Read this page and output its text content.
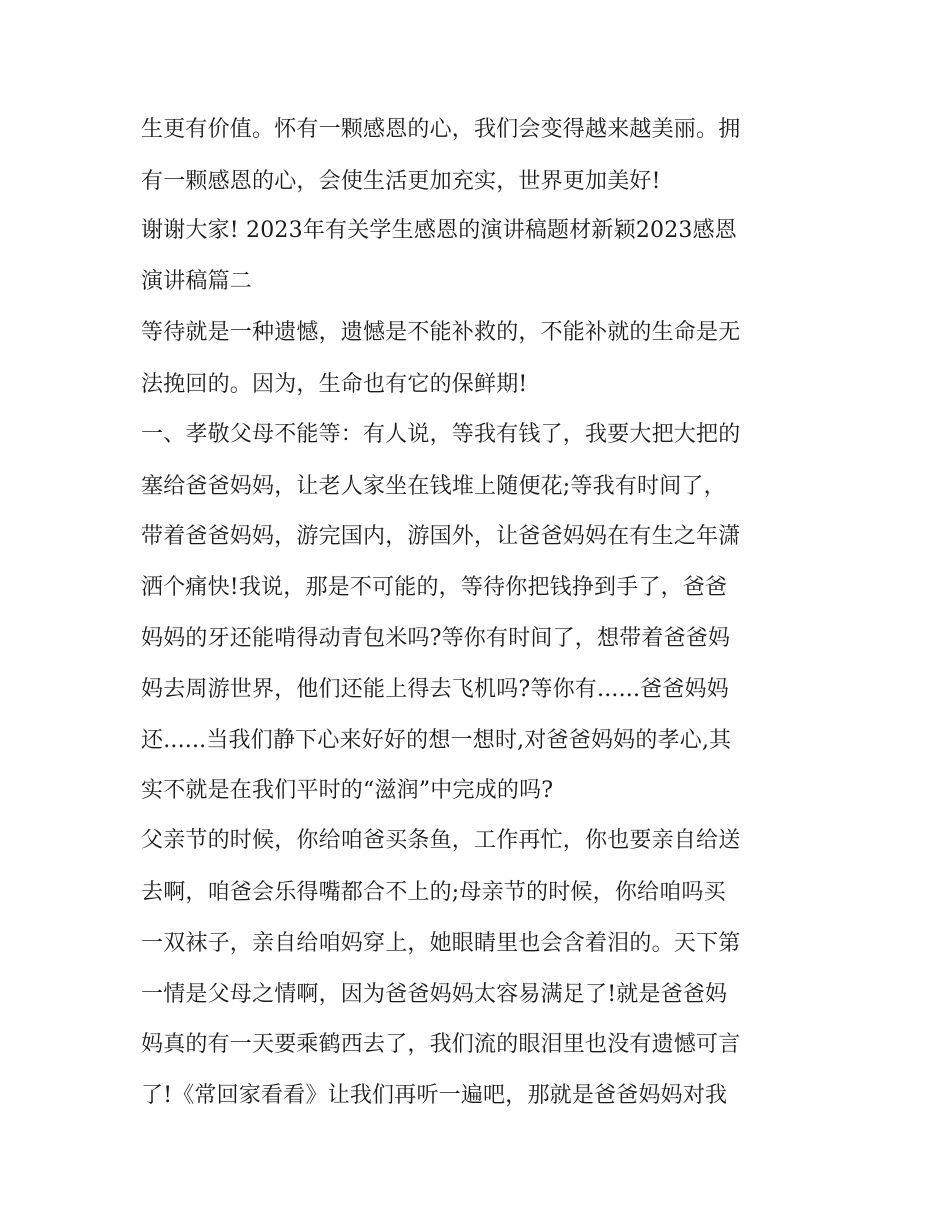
生更有价值。怀有一颗感恩的心，我们会变得越来越美丽。拥
有一颗感恩的心，会使生活更加充实，世界更加美好!
谢谢大家! 2023年有关学生感恩的演讲稿题材新颖2023感恩
演讲稿篇二
等待就是一种遗憾，遗憾是不能补救的，不能补就的生命是无
法挽回的。因为，生命也有它的保鲜期!
一、孝敬父母不能等：有人说，等我有钱了，我要大把大把的
塞给爸爸妈妈，让老人家坐在钱堆上随便花;等我有时间了，
带着爸爸妈妈，游完国内，游国外，让爸爸妈妈在有生之年潇
洒个痛快!我说，那是不可能的，等待你把钱挣到手了，爸爸
妈妈的牙还能啃得动青包米吗?等你有时间了，想带着爸爸妈
妈去周游世界，他们还能上得去飞机吗?等你有......爸爸妈妈
还......当我们静下心来好好的想一想时,对爸爸妈妈的孝心,其
实不就是在我们平时的“滋润”中完成的吗?
父亲节的时候，你给咱爸买条鱼，工作再忙，你也要亲自给送
去啊，咱爸会乐得嘴都合不上的;母亲节的时候，你给咱吗买
一双袜子，亲自给咱妈穿上，她眼睛里也会含着泪的。天下第
一情是父母之情啊，因为爸爸妈妈太容易满足了!就是爸爸妈
妈真的有一天要乘鹤西去了，我们流的眼泪里也没有遗憾可言
了!《常回家看看》让我们再听一遍吧，那就是爸爸妈妈对我
